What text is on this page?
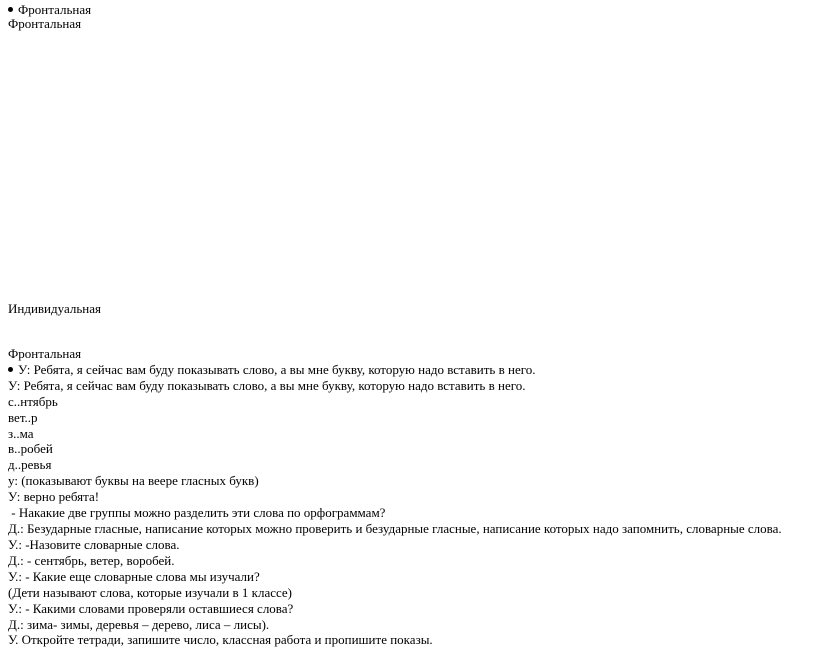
Фронтальная
Фронтальная
Индивидуальная
Фронтальная
У: Ребята, я сейчас вам буду показывать слово, а вы мне букву, которую надо вставить в него.
У: Ребята, я сейчас вам буду показывать слово, а вы мне букву, которую надо вставить в него.
с..нтябрь
вет..р
з..ма
в..робей
д..ревья
у: (показывают буквы на веере гласных букв)
У: верно ребята!
- Накакие две группы можно разделить эти слова по орфограммам?
Д.: Безударные гласные, написание которых можно проверить и безударные гласные, написание которых надо запомнить, словарные слова.
У.: -Назовите словарные слова.
Д.: - сентябрь, ветер, воробей.
У.: - Какие еще словарные слова мы изучали?
(Дети называют слова, которые изучали в 1 классе)
У.: - Какими словами проверяли оставшиеся слова?
Д.: зима- зимы, деревья – дерево, лиса – лисы).
У. Откройте тетради, запишите число, классная работа и пропишите показы.
